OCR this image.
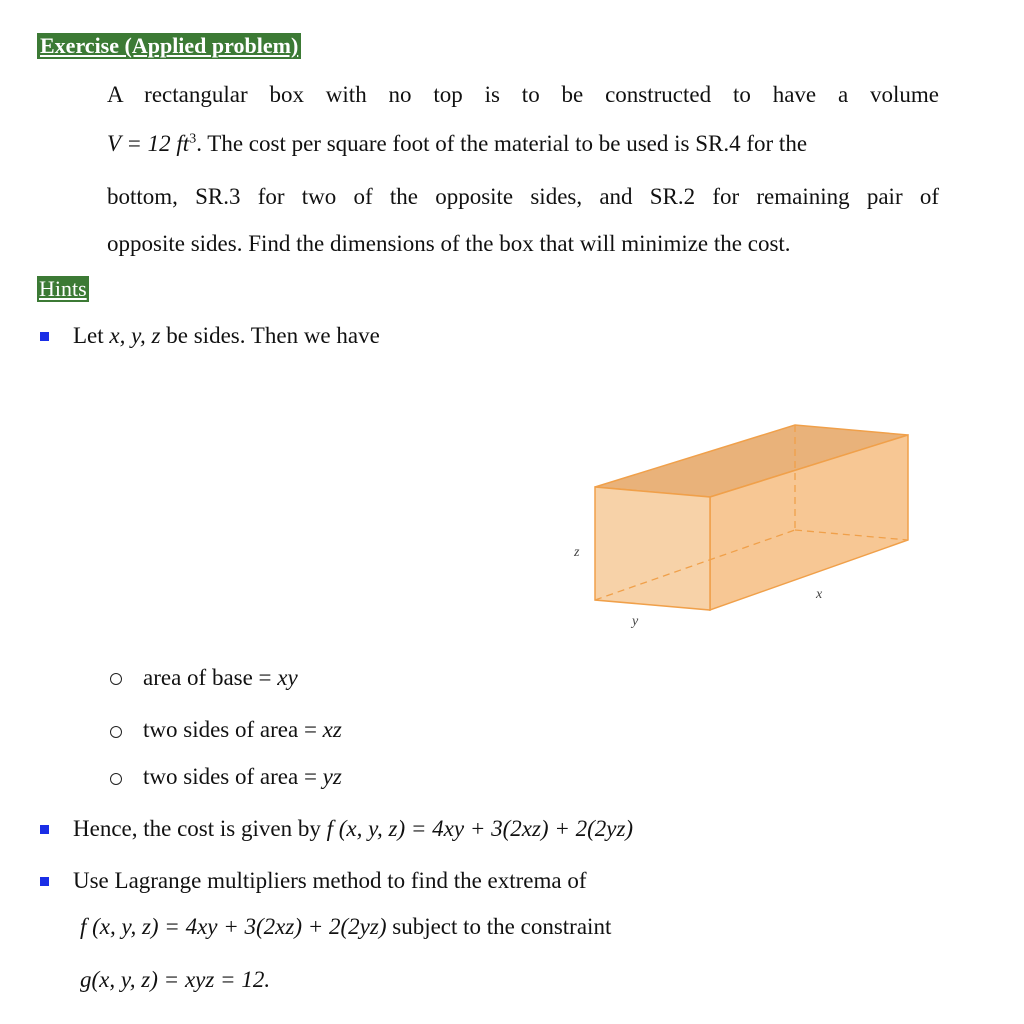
Exercise (Applied problem)
A rectangular box with no top is to be constructed to have a volume
V = 12 $ft^3$. The cost per square foot of the material to be used is SR.4 for the
bottom, SR.3 for two of the opposite sides, and SR.2 for remaining pair of
opposite sides. Find the dimensions of the box that will minimize the cost.
Hints
Let x, y, z be sides. Then we have
z
y
x
area of base = xy
two sides of area = xz
two sides of area = yz
Hence, the cost is given by f (x, y, z) = 4xy + 3(2xz) + 2(2yz)
Use Lagrange multipliers method to find the extrema of
f (x, y, z) = 4xy + 3(2xz) + 2(2yz) subject to the constraint
g(x, y, z) = xyz = 12.
